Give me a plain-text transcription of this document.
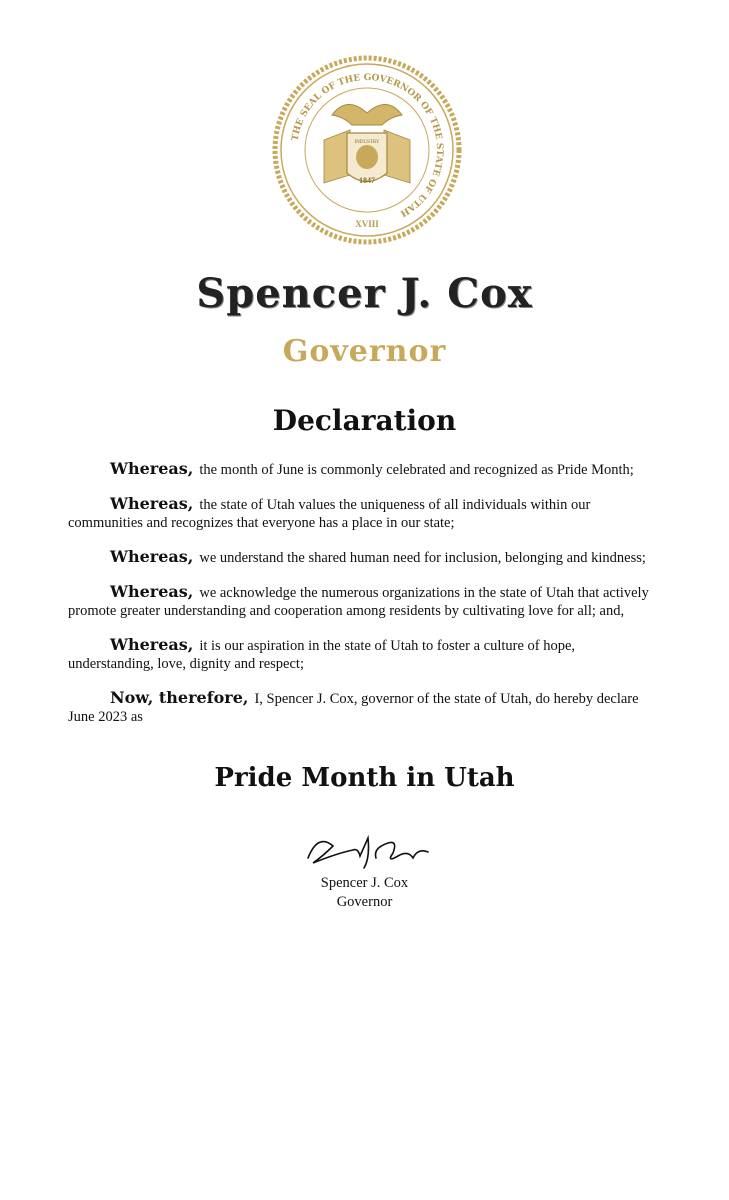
THE SEAL OF THE GOVERNOR OF THE STATE OF UTAH
INDUSTRY
1847
XVIII
Spencer J. Cox
Governor
Declaration

Whereas, the month of June is commonly celebrated and recognized as Pride Month;

Whereas, the state of Utah values the uniqueness of all individuals within our communities and recognizes that everyone has a place in our state;

Whereas, we understand the shared human need for inclusion, belonging and kindness;

Whereas, we acknowledge the numerous organizations in the state of Utah that actively promote greater understanding and cooperation among residents by cultivating love for all; and,

Whereas, it is our aspiration in the state of Utah to foster a culture of hope, understanding, love, dignity and respect;

Now, therefore, I, Spencer J. Cox, governor of the state of Utah, do hereby declare June 2023 as

Pride Month in Utah
Spencer J. Cox
Governor
